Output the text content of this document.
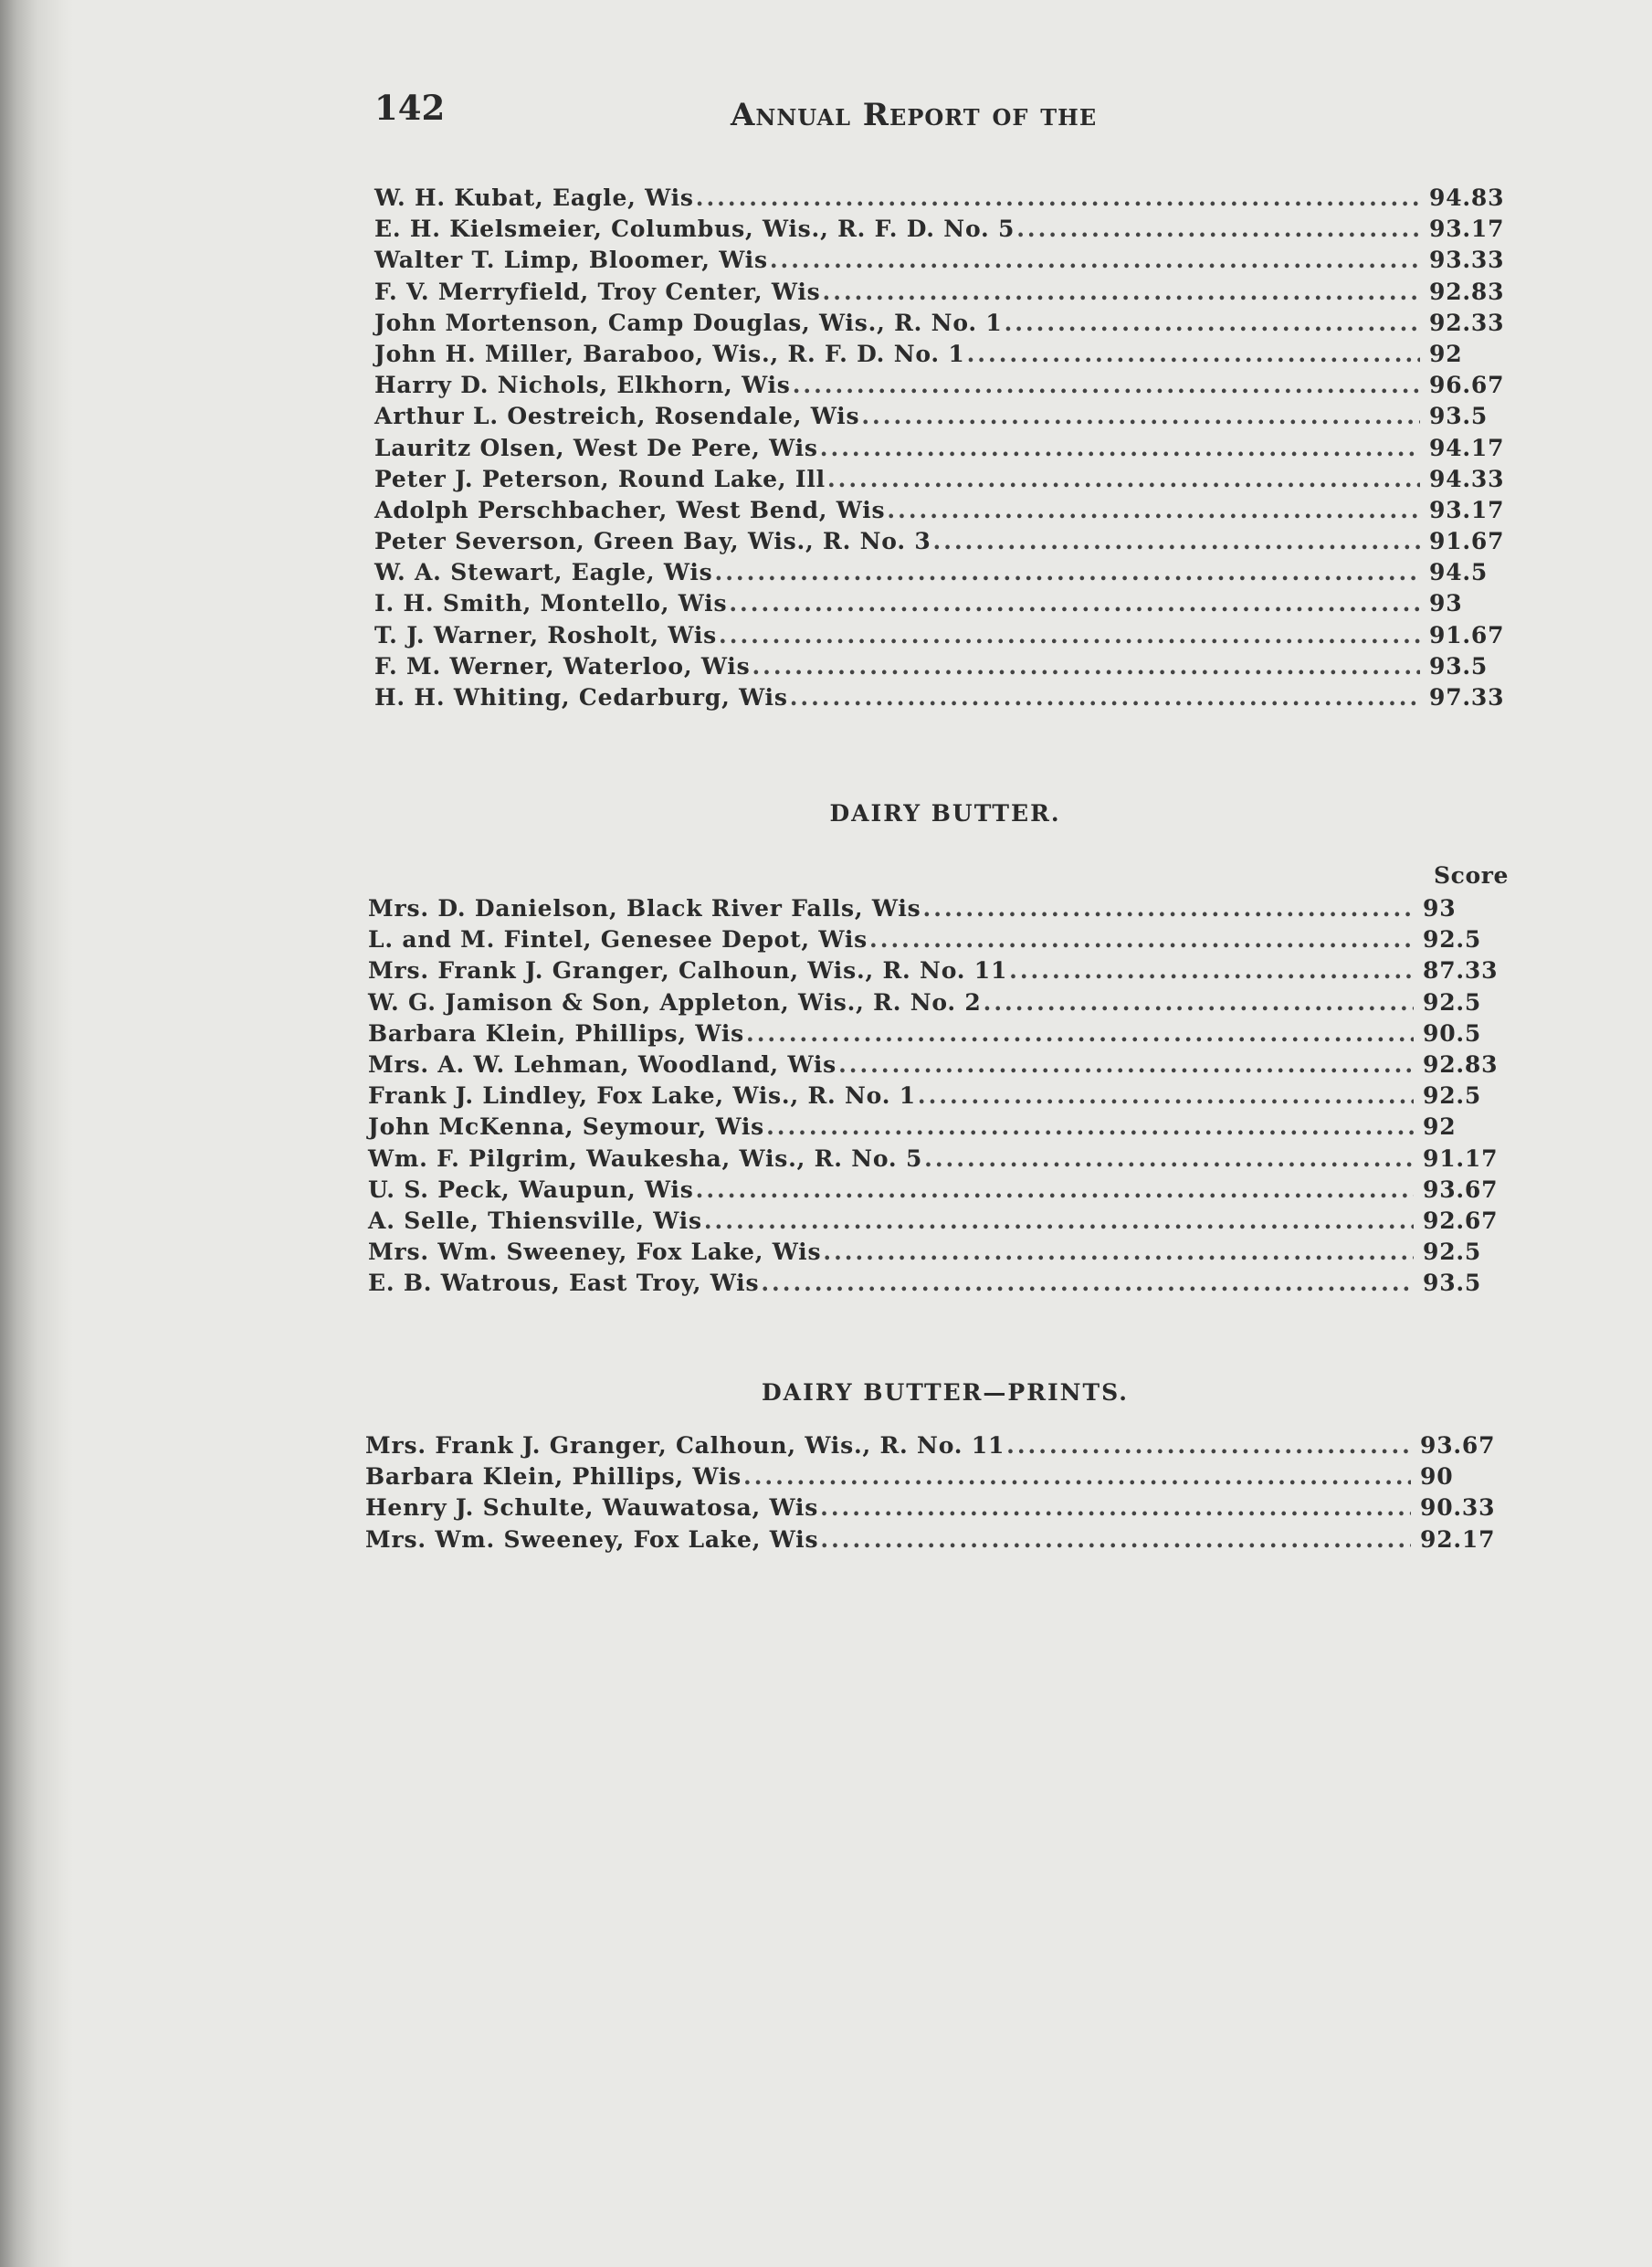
142	Annual Report of the
W. H. Kubat, Eagle, Wis .....	94.83
E. H. Kielsmeier, Columbus, Wis., R. F. D. No. 5 .....	93.17
Walter T. Limp, Bloomer, Wis .....	93.33
F. V. Merryfield, Troy Center, Wis .....	92.83
John Mortenson, Camp Douglas, Wis., R. No. 1 .....	92.33
John H. Miller, Baraboo, Wis., R. F. D. No. 1 .....	92
Harry D. Nichols, Elkhorn, Wis .....	96.67
Arthur L. Oestreich, Rosendale, Wis .....	93.5
Lauritz Olsen, West De Pere, Wis .....	94.17
Peter J. Peterson, Round Lake, Ill .....	94.33
Adolph Perschbacher, West Bend, Wis .....	93.17
Peter Severson, Green Bay, Wis., R. No. 3 .....	91.67
W. A. Stewart, Eagle, Wis .....	94.5
I. H. Smith, Montello, Wis .....	93
T. J. Warner, Rosholt, Wis .....	91.67
F. M. Werner, Waterloo, Wis .....	93.5
H. H. Whiting, Cedarburg, Wis .....	97.33
DAIRY BUTTER.
Score
Mrs. D. Danielson, Black River Falls, Wis .....	93
L. and M. Fintel, Genesee Depot, Wis .....	92.5
Mrs. Frank J. Granger, Calhoun, Wis., R. No. 11 .....	87.33
W. G. Jamison & Son, Appleton, Wis., R. No. 2 .....	92.5
Barbara Klein, Phillips, Wis .....	90.5
Mrs. A. W. Lehman, Woodland, Wis .....	92.83
Frank J. Lindley, Fox Lake, Wis., R. No. 1 .....	92.5
John McKenna, Seymour, Wis .....	92
Wm. F. Pilgrim, Waukesha, Wis., R. No. 5 .....	91.17
U. S. Peck, Waupun, Wis .....	93.67
A. Selle, Thiensville, Wis .....	92.67
Mrs. Wm. Sweeney, Fox Lake, Wis .....	92.5
E. B. Watrous, East Troy, Wis .....	93.5
DAIRY BUTTER—PRINTS.
Mrs. Frank J. Granger, Calhoun, Wis., R. No. 11 .....	93.67
Barbara Klein, Phillips, Wis .....	90
Henry J. Schulte, Wauwatosa, Wis .....	90.33
Mrs. Wm. Sweeney, Fox Lake, Wis .....	92.17
